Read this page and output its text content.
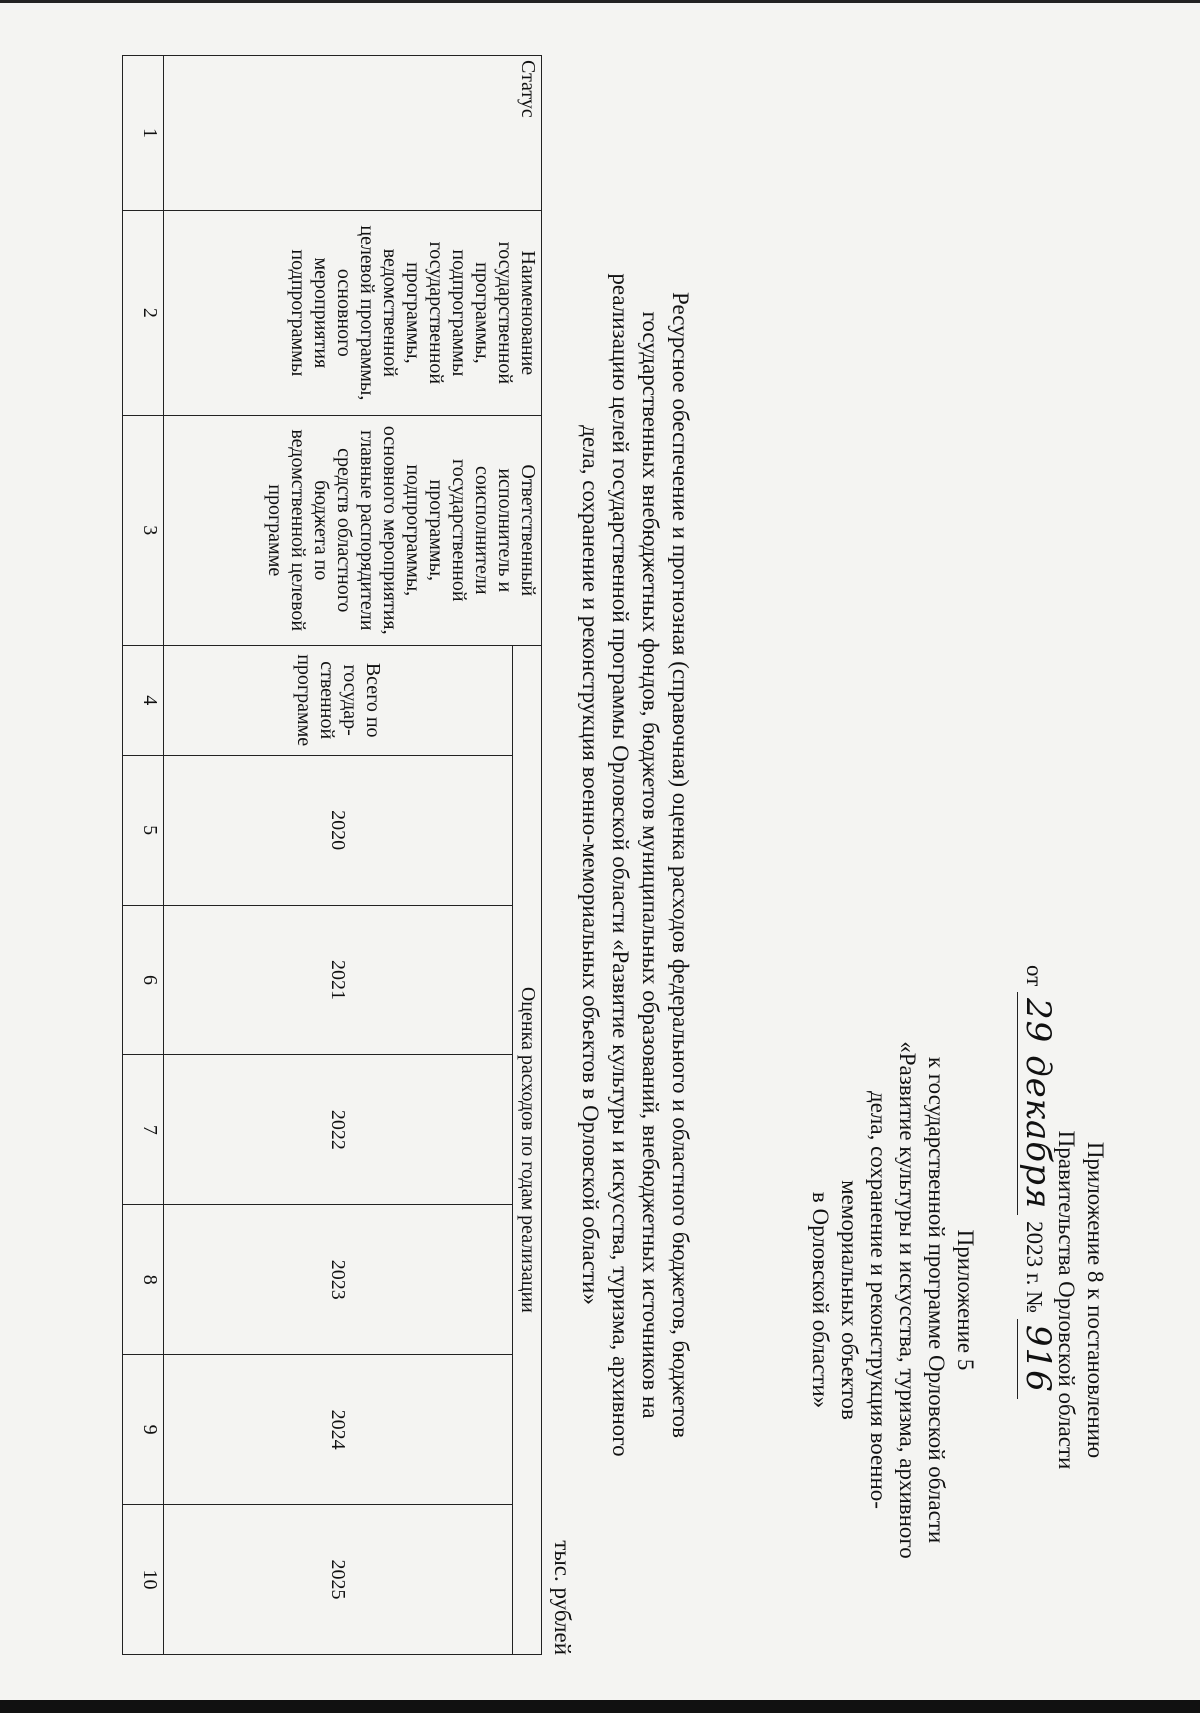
Приложение 8 к постановлению
Правительства Орловской области
от 29 декабря 2023 г. № 916
Приложение 5
к государственной программе Орловской области
«Развитие культуры и искусства, туризма, архивного
дела, сохранение и реконструкция военно-
мемориальных объектов
в Орловской области»
Ресурсное обеспечение и прогнозная (справочная) оценка расходов федерального и областного бюджетов, бюджетов
государственных внебюджетных фондов, бюджетов муниципальных образований, внебюджетных источников на
реализацию целей государственной программы Орловской области «Развитие культуры и искусства, туризма, архивного
дела, сохранение и реконструкция военно-мемориальных объектов в Орловской области»
тыс. рублей
Статус	Наименование государственной программы, подпрограммы государственной программы, ведомственной целевой программы, основного мероприятия подпрограммы	Ответственный исполнитель и соисполнители государственной программы, подпрограммы, основного мероприятия, главные распорядители средств областного бюджета по ведомственной целевой программе	Оценка расходов по годам реализации						
			Всего по государ-ственной программе	2020	2021	2022	2023	2024	2025
1	2	3	4	5	6	7	8	9	10
